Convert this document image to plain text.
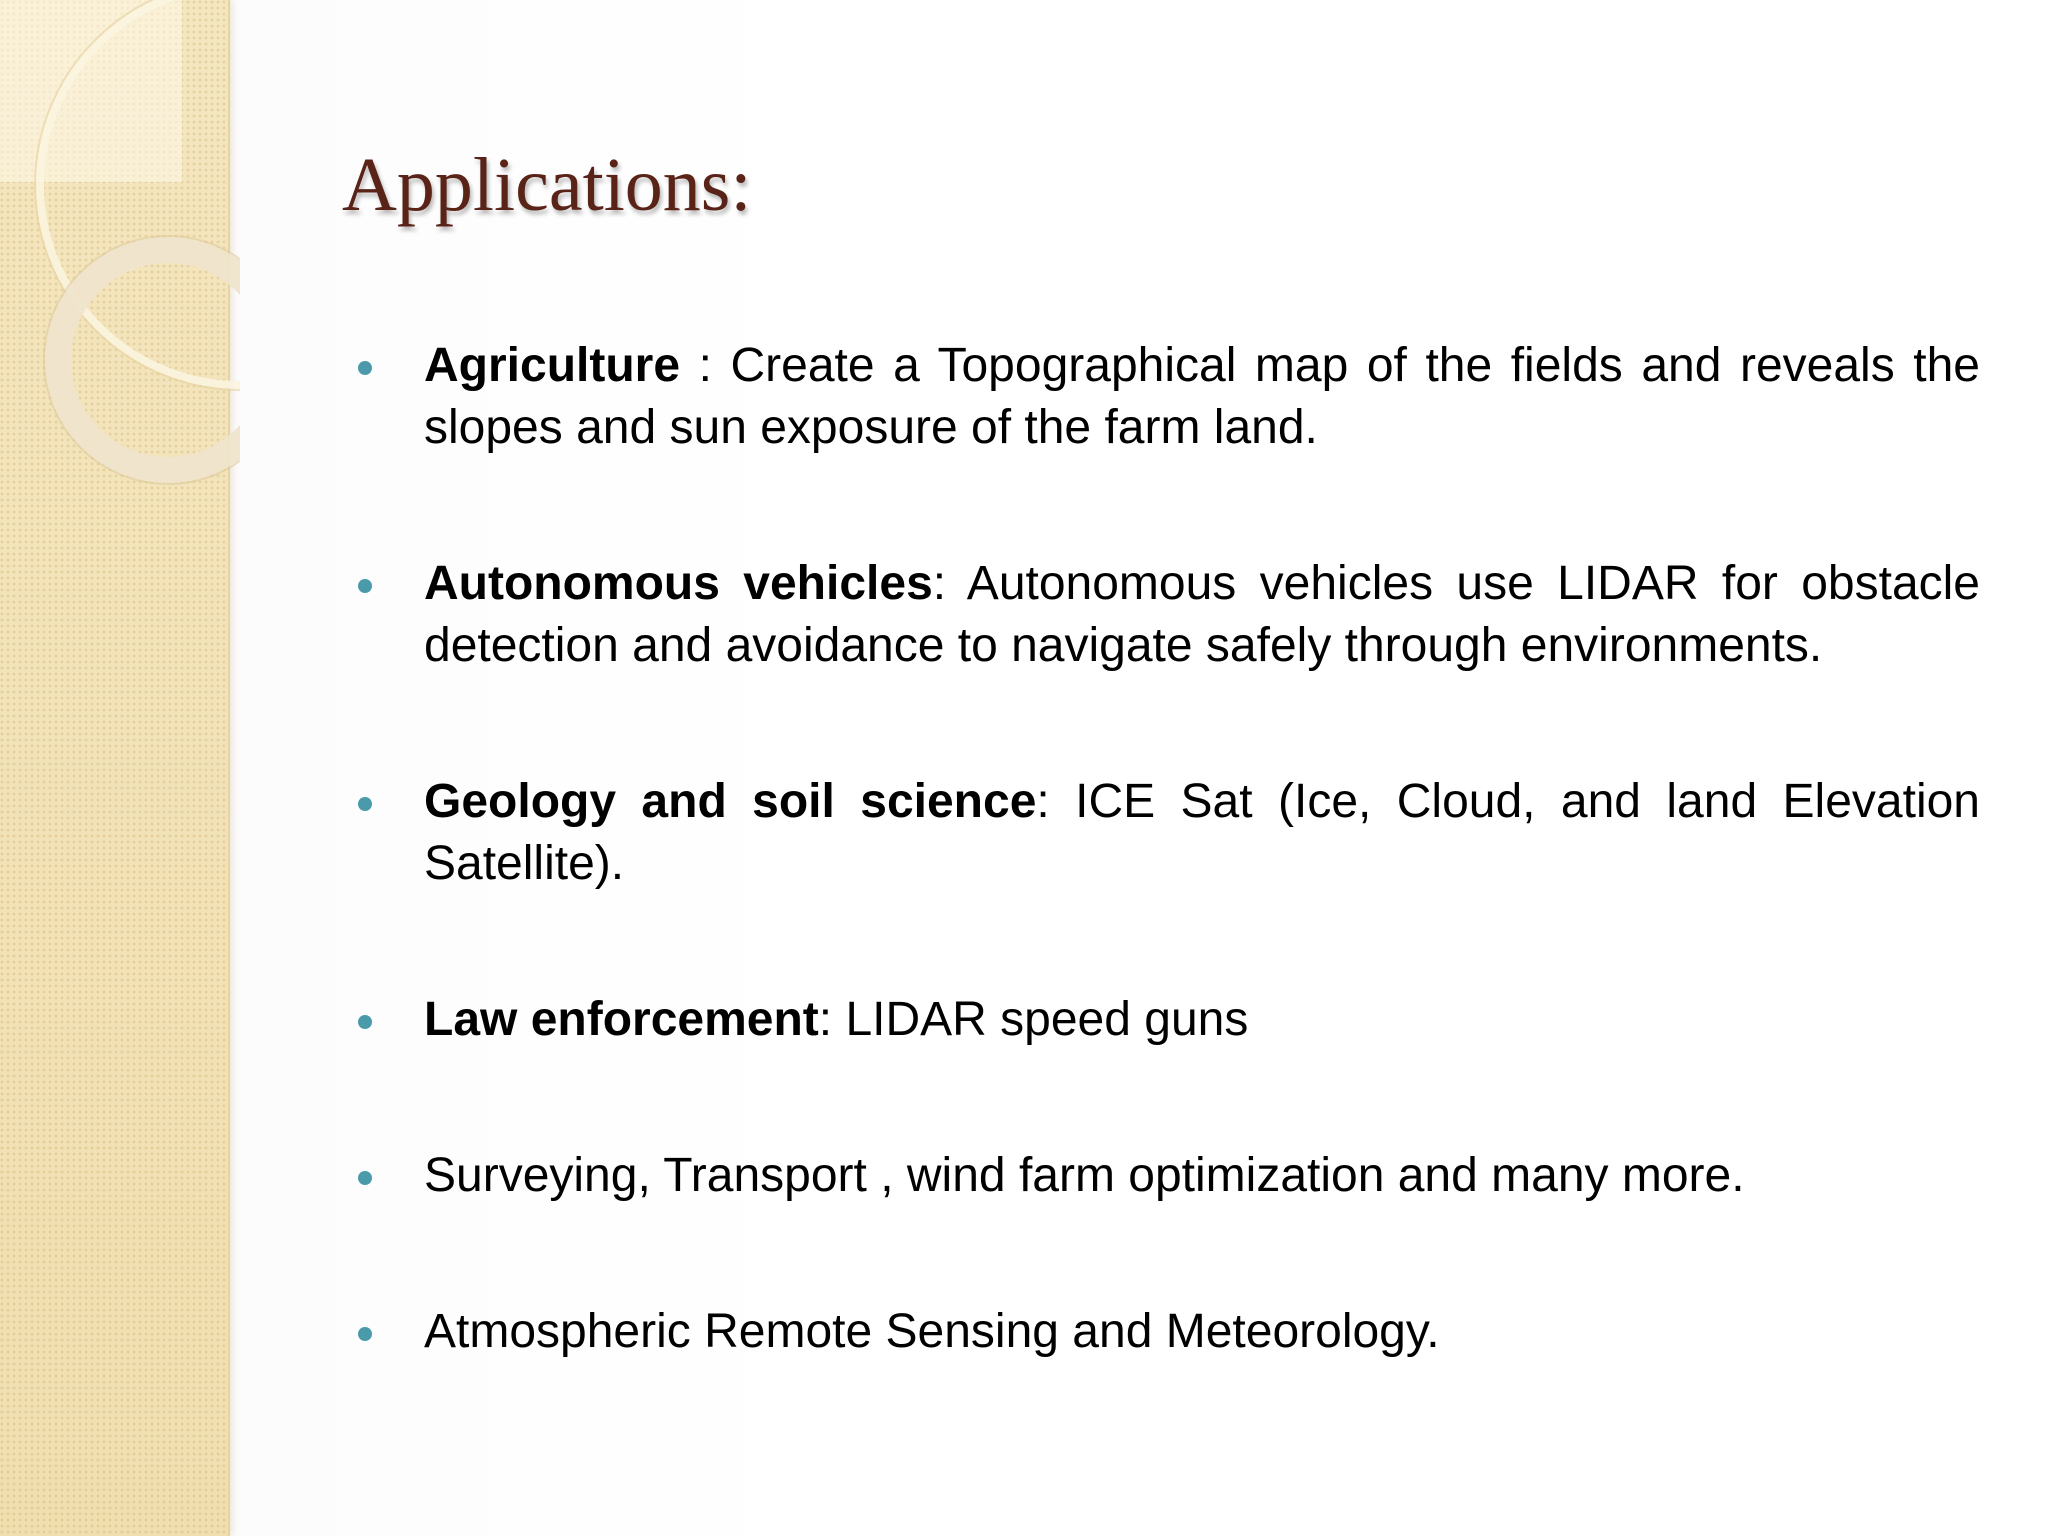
Applications:
Agriculture : Create a Topographical map of the fields and reveals the slopes and sun exposure of the farm land.
Autonomous vehicles: Autonomous vehicles use LIDAR for obstacle detection and avoidance to navigate safely through environments.
Geology and soil science: ICE Sat (Ice, Cloud, and land Elevation Satellite).
Law enforcement: LIDAR speed guns
Surveying, Transport , wind farm optimization and many more.
Atmospheric Remote Sensing and Meteorology.
